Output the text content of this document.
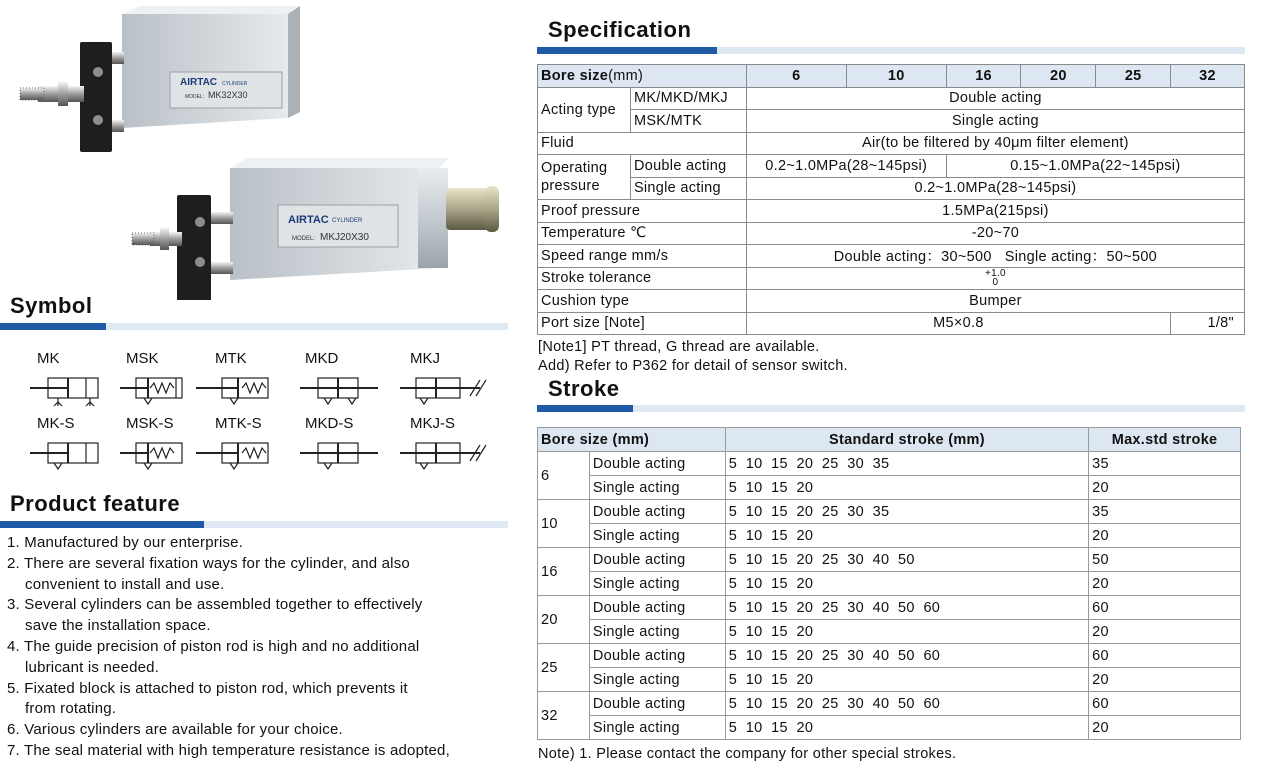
AIRTAC CYLINDER
MODEL: MK32X30
AIRTAC CYLINDER
MODEL: MKJ20X30
Symbol
MK	MSK	MTK	MKD	MKJ
MK-S	MSK-S	MTK-S	MKD-S	MKJ-S
Product feature
1. Manufactured by our enterprise.
2. There are several fixation ways for the cylinder, and also
convenient to install and use.
3. Several cylinders can be assembled together to effectively
save the installation space.
4. The guide precision of piston rod is high and no additional
lubricant is needed.
5. Fixated block is attached to piston rod, which prevents it
from rotating.
6. Various cylinders are available for your choice.
7. The seal material with high temperature resistance is adopted,
Specification
Bore size(mm)		6	10	16	20	25	32
Acting type	MK/MKD/MKJ	Double acting					
	MSK/MTK	Single acting					
Fluid		Air(to be filtered by 40μm filter element)					

Operating
pressure	Double acting	0.2~1.0MPa(28~145psi)		0.15~1.0MPa(22~145psi)			
	Single acting	0.2~1.0MPa(28~145psi)					
Proof pressure		1.5MPa(215psi)					
Temperature ℃		-20~70					
Speed range mm/s		Double acting：30~500   Single acting：50~500					
Stroke tolerance		+1.0
0					

Cushion type		Bumper					
Port size [Note]		M5×0.8					1/8"
[Note1] PT thread, G thread are available.
Add) Refer to P362 for detail of sensor switch.
Stroke
Bore size (mm)		Standard stroke (mm)	Max.std stroke
6	Double acting	5  10  15  20  25  30  35	35
	Single acting	5  10  15  20	20
10	Double acting	5  10  15  20  25  30  35	35
	Single acting	5  10  15  20	20
16	Double acting	5  10  15  20  25  30  40  50	50
	Single acting	5  10  15  20	20
20	Double acting	5  10  15  20  25  30  40  50  60	60
	Single acting	5  10  15  20	20
25	Double acting	5  10  15  20  25  30  40  50  60	60
	Single acting	5  10  15  20	20
32	Double acting	5  10  15  20  25  30  40  50  60	60
	Single acting	5  10  15  20	20
Note) 1. Please contact the company for other special strokes.
